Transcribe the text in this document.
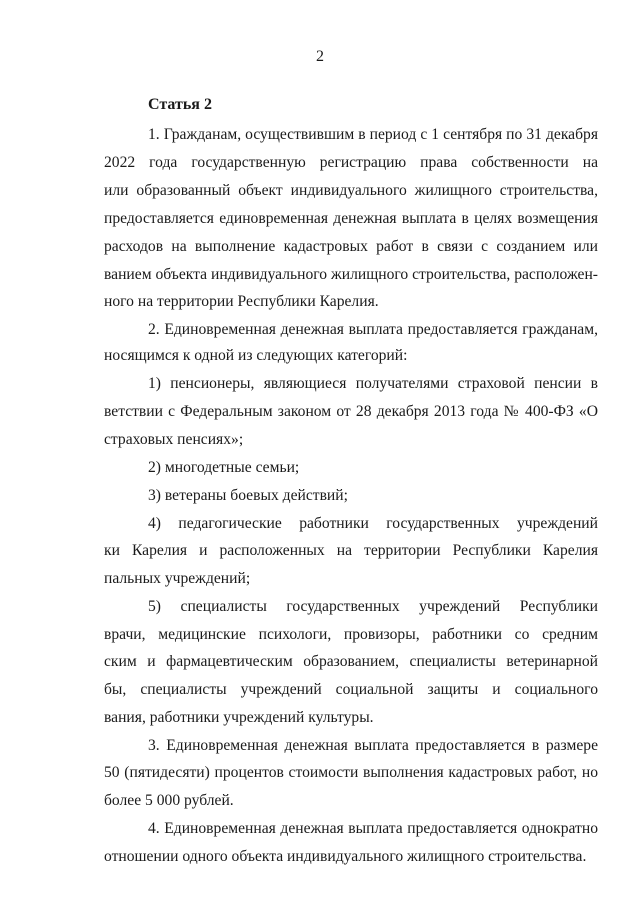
2
Статья 2
1. Гражданам, осуществившим в период с 1 сентября по 31 декабря
2022 года государственную регистрацию права собственности на
или образованный объект индивидуального жилищного строительства,
предоставляется единовременная денежная выплата в целях возмещения
расходов на выполнение кадастровых работ в связи с созданием или
ванием объекта индивидуального жилищного строительства, расположен-
ного на территории Республики Карелия.
2. Единовременная денежная выплата предоставляется гражданам,
носящимся к одной из следующих категорий:
1) пенсионеры, являющиеся получателями страховой пенсии в
ветствии с Федеральным законом от 28 декабря 2013 года № 400-ФЗ «О
страховых пенсиях»;
2) многодетные семьи;
3) ветераны боевых действий;
4) педагогические работники государственных учреждений
ки Карелия и расположенных на территории Республики Карелия
пальных учреждений;
5) специалисты государственных учреждений Республики
врачи, медицинские психологи, провизоры, работники со средним
ским и фармацевтическим образованием, специалисты ветеринарной
бы, специалисты учреждений социальной защиты и социального
вания, работники учреждений культуры.
3. Единовременная денежная выплата предоставляется в размере
50 (пятидесяти) процентов стоимости выполнения кадастровых работ, но
более 5 000 рублей.
4. Единовременная денежная выплата предоставляется однократно
отношении одного объекта индивидуального жилищного строительства.
